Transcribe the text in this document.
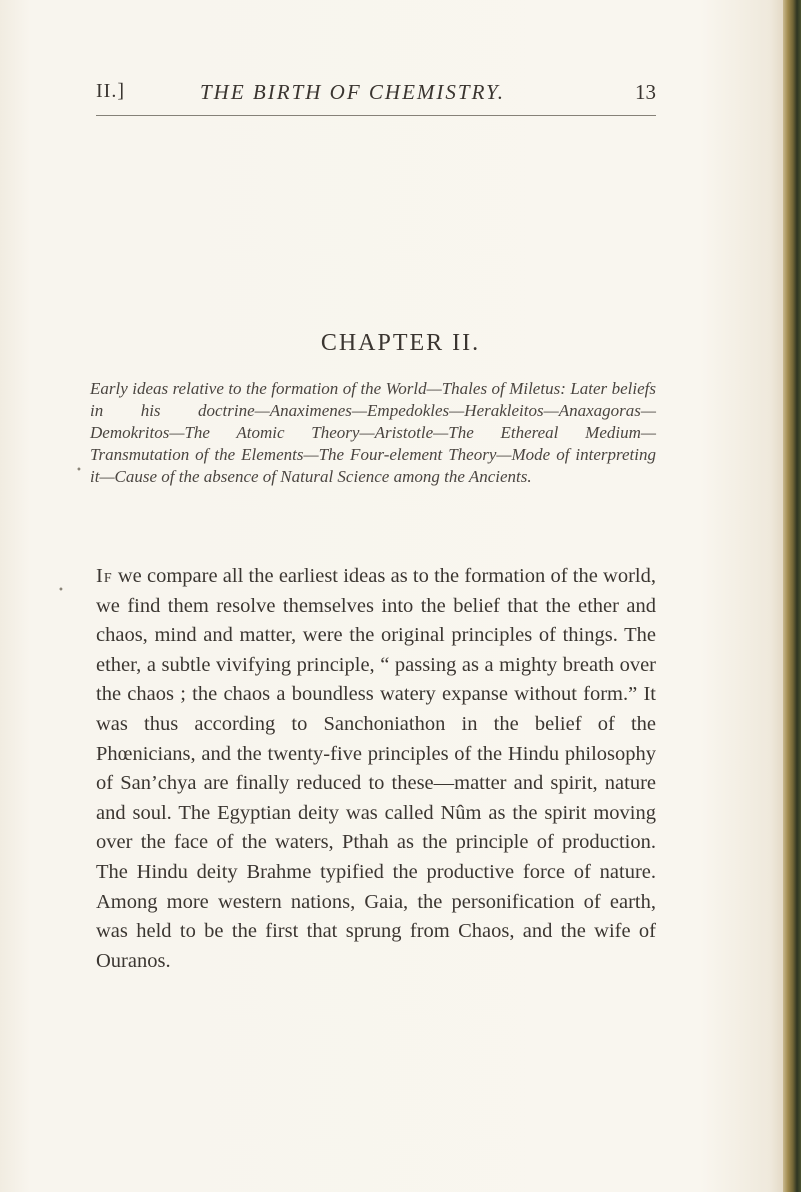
II.]	THE BIRTH OF CHEMISTRY.	13
CHAPTER II.

Early ideas relative to the formation of the World—Thales of Miletus: Later beliefs in his doctrine—Anaximenes—Empedokles—Herakleitos—Anaxagoras—Demokritos—The Atomic Theory—Aristotle—The Ethereal Medium—Transmutation of the Elements—The Four-element Theory—Mode of interpreting it—Cause of the absence of Natural Science among the Ancients.

If we compare all the earliest ideas as to the formation of the world, we find them resolve themselves into the belief that the ether and chaos, mind and matter, were the original principles of things. The ether, a subtle vivifying principle, “ passing as a mighty breath over the chaos ; the chaos a boundless watery expanse without form.” It was thus according to Sanchoniathon in the belief of the Phœnicians, and the twenty-five principles of the Hindu philosophy of San’chya are finally reduced to these—matter and spirit, nature and soul. The Egyptian deity was called Nûm as the spirit moving over the face of the waters, Pthah as the principle of production. The Hindu deity Brahme typified the productive force of nature. Among more western nations, Gaia, the personification of earth, was held to be the first that sprung from Chaos, and the wife of Ouranos.

•
•
